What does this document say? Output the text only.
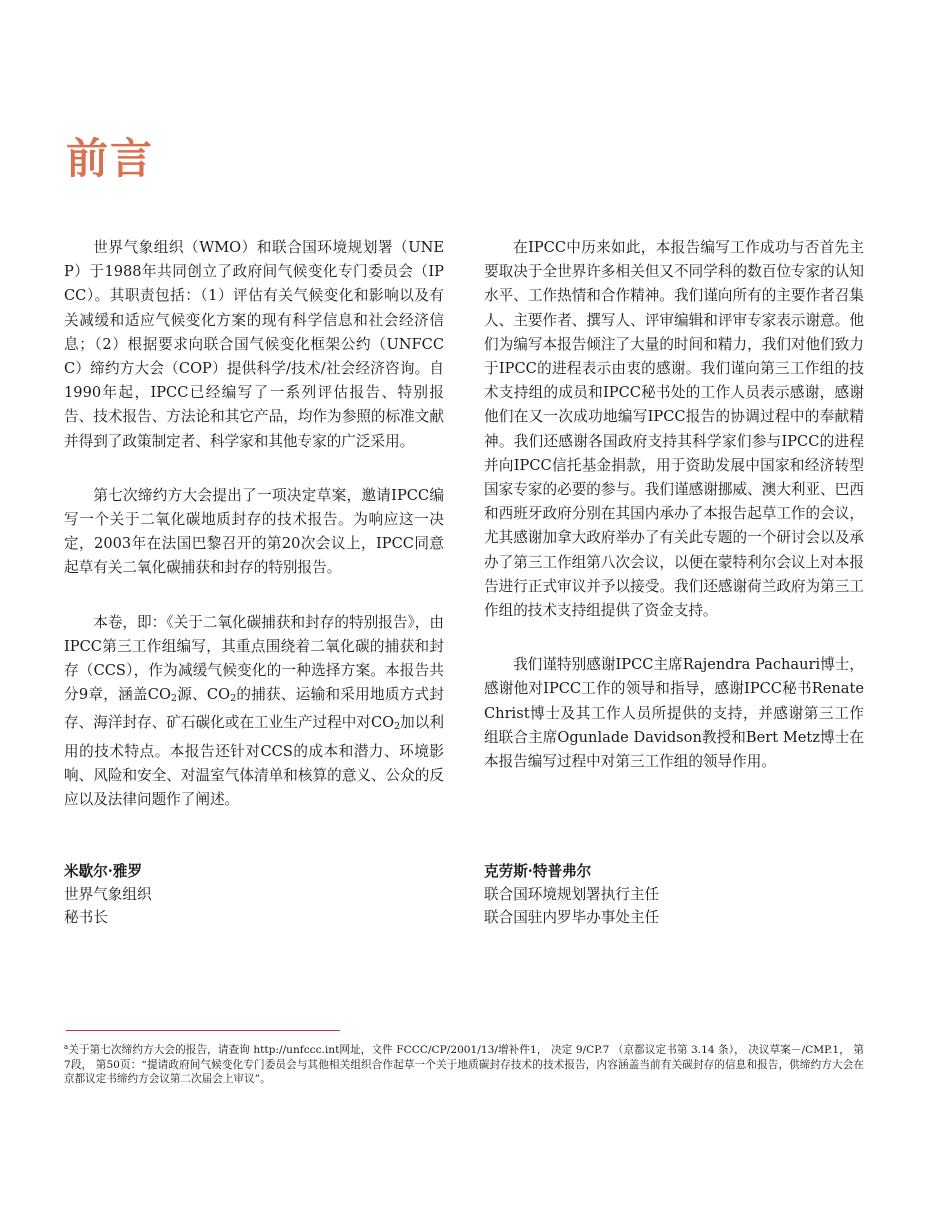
前言

世界气象组织（WMO）和联合国环境规划署（UNEP）于1988年共同创立了政府间气候变化专门委员会（IPCC）。其职责包括：（1）评估有关气候变化和影响以及有关减缓和适应气候变化方案的现有科学信息和社会经济信息；（2）根据要求向联合国气候变化框架公约（UNFCCC）缔约方大会（COP）提供科学/技术/社会经济咨询。自1990年起，IPCC已经编写了一系列评估报告、特别报告、技术报告、方法论和其它产品，均作为参照的标准文献并得到了政策制定者、科学家和其他专家的广泛采用。

第七次缔约方大会提出了一项决定草案，邀请IPCC编写一个关于二氧化碳地质封存的技术报告。为响应这一决定，2003年在法国巴黎召开的第20次会议上，IPCC同意起草有关二氧化碳捕获和封存的特别报告。

本卷，即：《关于二氧化碳捕获和封存的特别报告》，由IPCC第三工作组编写，其重点围绕着二氧化碳的捕获和封存（CCS），作为减缓气候变化的一种选择方案。本报告共分9章，涵盖$CO_2$源、$CO_2$的捕获、运输和采用地质方式封存、海洋封存、矿石碳化或在工业生产过程中对$CO_2$加以利用的技术特点。本报告还针对CCS的成本和潜力、环境影响、风险和安全、对温室气体清单和核算的意义、公众的反应以及法律问题作了阐述。

在IPCC中历来如此，本报告编写工作成功与否首先主要取决于全世界许多相关但又不同学科的数百位专家的认知水平、工作热情和合作精神。我们谨向所有的主要作者召集人、主要作者、撰写人、评审编辑和评审专家表示谢意。他们为编写本报告倾注了大量的时间和精力，我们对他们致力于IPCC的进程表示由衷的感谢。我们谨向第三工作组的技术支持组的成员和IPCC秘书处的工作人员表示感谢，感谢他们在又一次成功地编写IPCC报告的协调过程中的奉献精神。我们还感谢各国政府支持其科学家们参与IPCC的进程并向IPCC信托基金捐款，用于资助发展中国家和经济转型国家专家的必要的参与。我们谨感谢挪威、澳大利亚、巴西和西班牙政府分别在其国内承办了本报告起草工作的会议，尤其感谢加拿大政府举办了有关此专题的一个研讨会以及承办了第三工作组第八次会议，以便在蒙特利尔会议上对本报告进行正式审议并予以接受。我们还感谢荷兰政府为第三工作组的技术支持组提供了资金支持。

我们谨特别感谢IPCC主席Rajendra Pachauri博士，感谢他对IPCC工作的领导和指导，感谢IPCC秘书Renate Christ博士及其工作人员所提供的支持，并感谢第三工作组联合主席Ogunlade Davidson教授和Bert Metz博士在本报告编写过程中对第三工作组的领导作用。

米歇尔·雅罗
世界气象组织
秘书长
克劳斯·特普弗尔
联合国环境规划署执行主任
联合国驻内罗毕办事处主任

$^a$关于第七次缔约方大会的报告，请查询 http://unfccc.int网址，文件 FCCC/CP/2001/13/增补件1， 决定 9/CP.7 （京都议定书第 3.14 条）， 决议草案－/CMP.1， 第7段， 第50页：“提请政府间气候变化专门委员会与其他相关组织合作起草一个关于地质碳封存技术的技术报告，内容涵盖当前有关碳封存的信息和报告，供缔约方大会在京都议定书缔约方会议第二次届会上审议”。
